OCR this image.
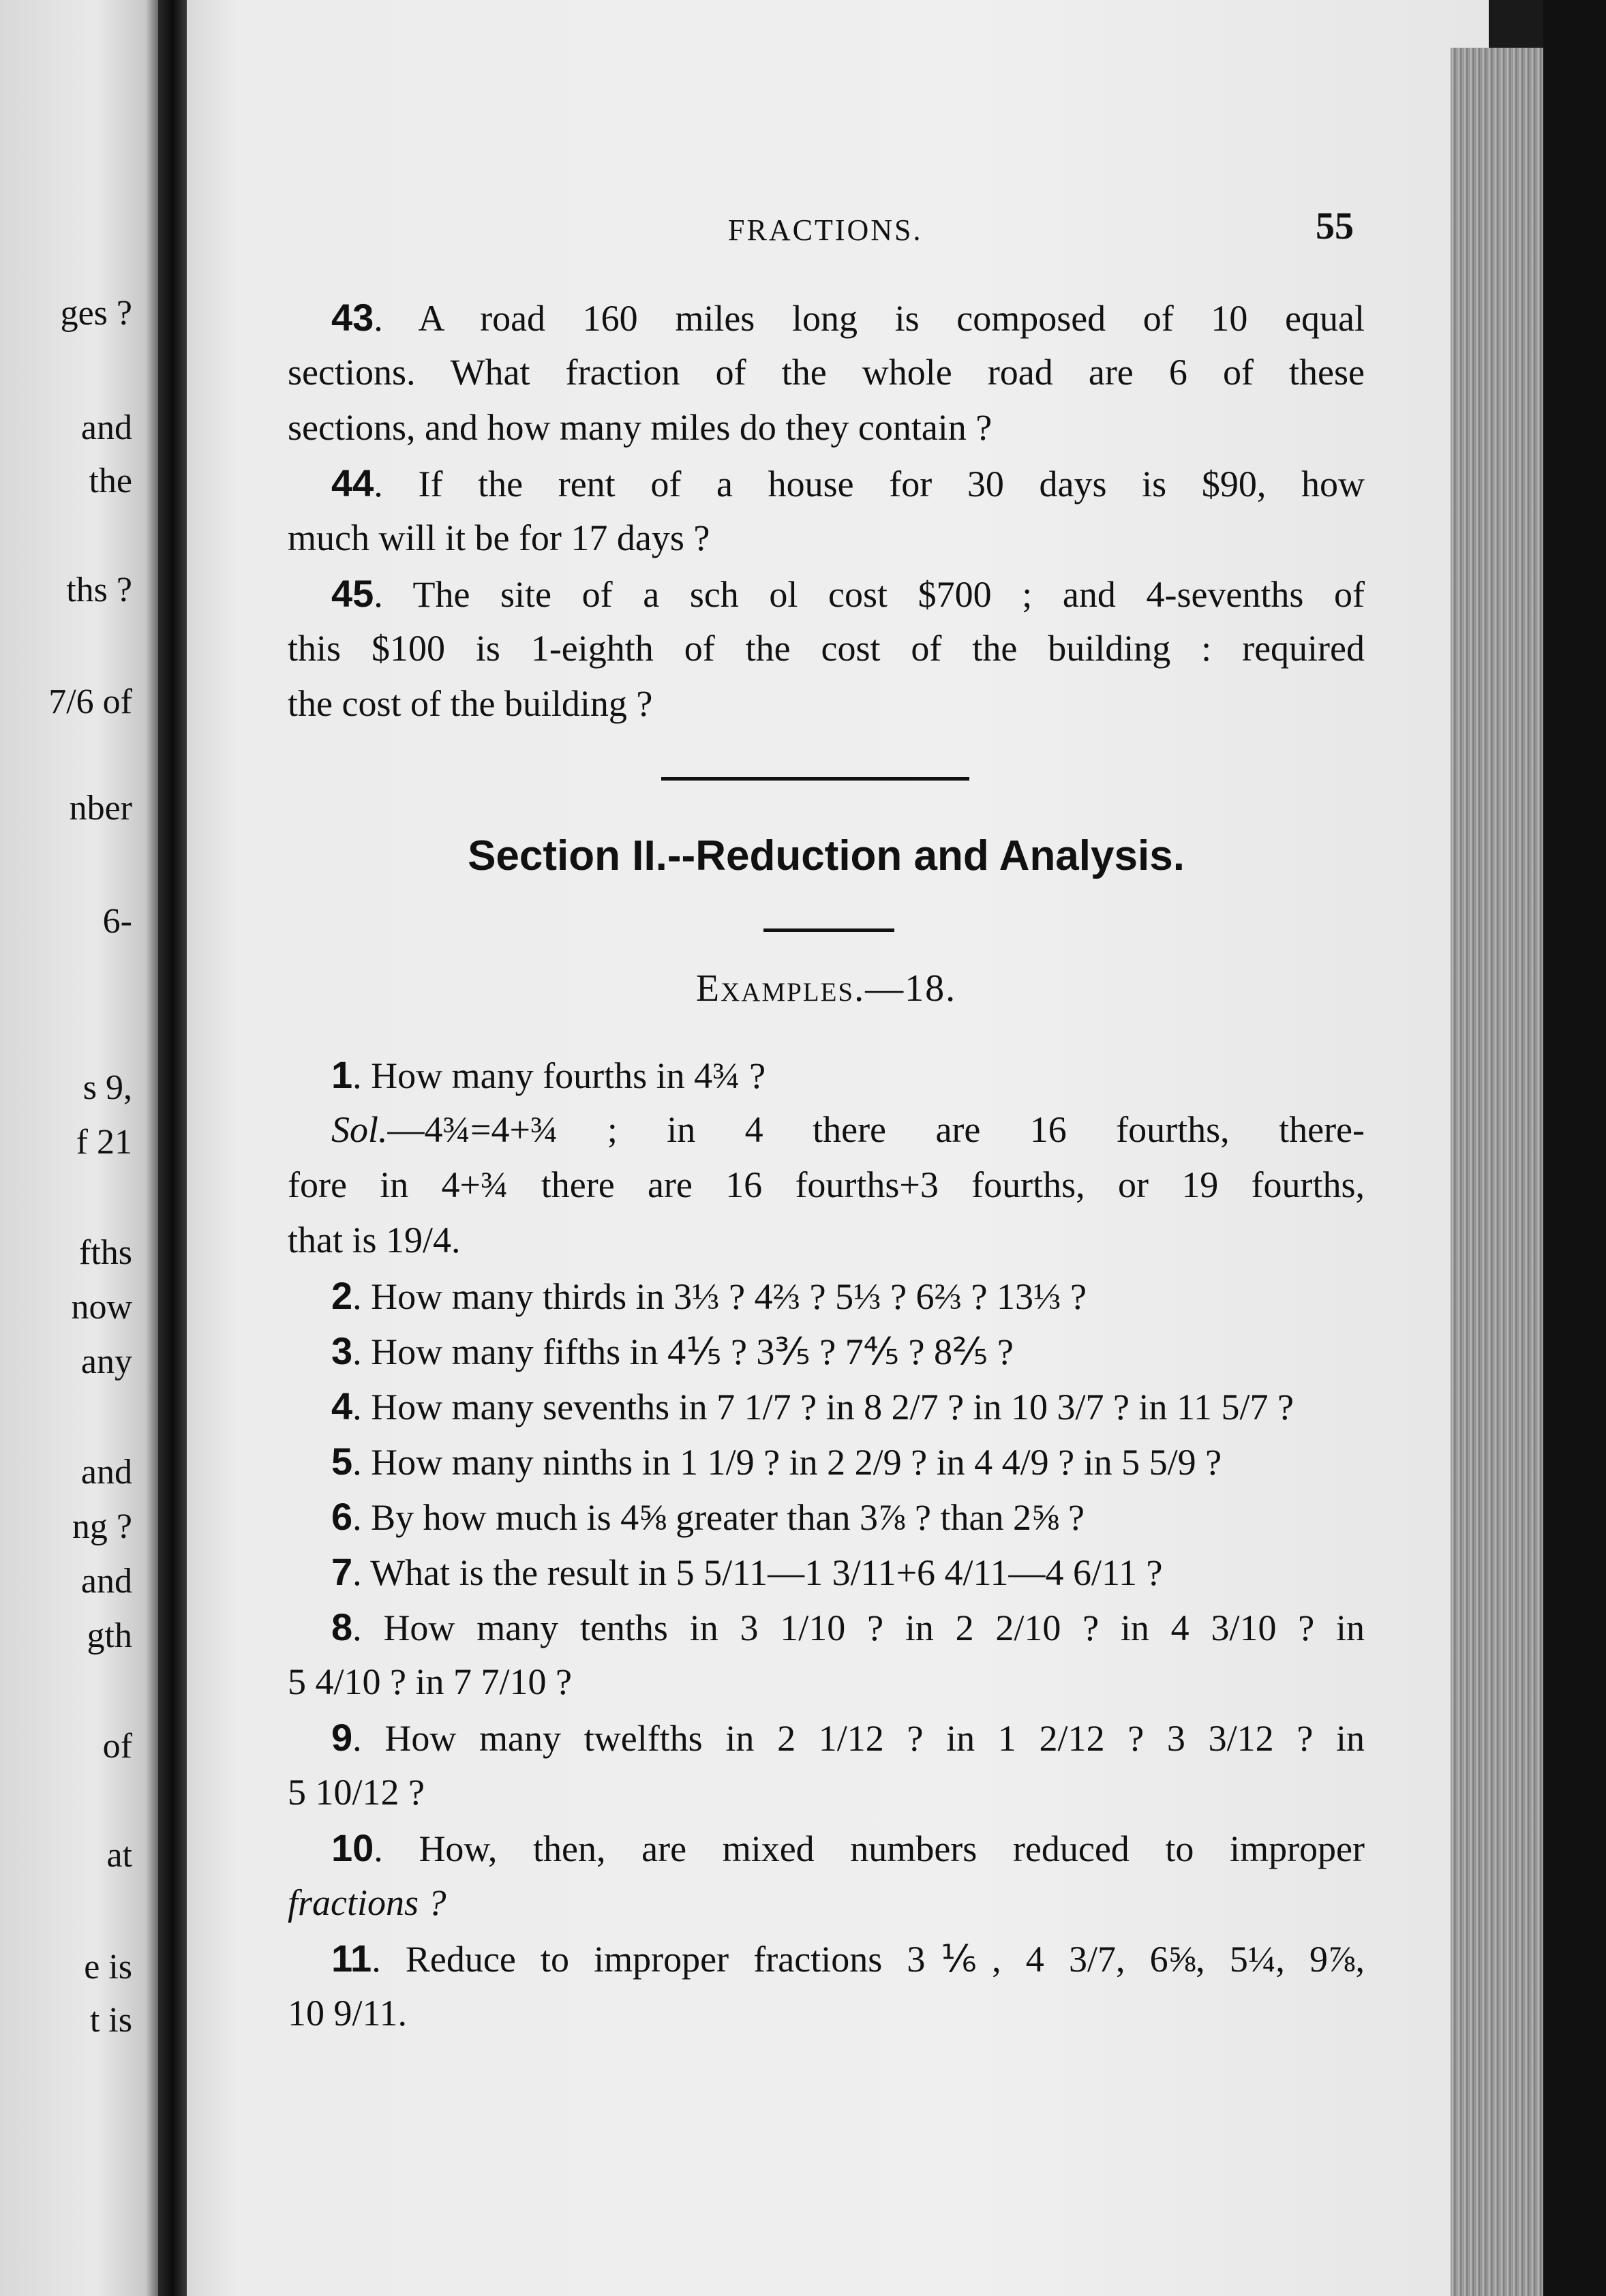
ges ?
and
the
ths ?
7/6 of
nber
6-
s 9,
f 21
fths
now
any
and
ng ?
and
gth
of
at
e is
t is
FRACTIONS.	55
43. A road 160 miles long is composed of 10 equal
sections. What fraction of the whole road are 6 of these
sections, and how many miles do they contain ?
44. If the rent of a house for 30 days is $90, how
much will it be for 17 days ?
45. The site of a sch ol cost $700 ; and 4-sevenths of
this $100 is 1-eighth of the cost of the building : required
the cost of the building ?
Section II.--Reduction and Analysis.
Examples.—18.
1. How many fourths in 4¾ ?
Sol.—4¾=4+¾ ; in 4 there are 16 fourths, there-
fore in 4+¾ there are 16 fourths+3 fourths, or 19 fourths,
that is 19/4.
2. How many thirds in 3⅓ ? 4⅔ ? 5⅓ ? 6⅔ ? 13⅓ ?
3. How many fifths in 4⅕ ? 3⅗ ? 7⅘ ? 8⅖ ?
4. How many sevenths in 7 1/7 ? in 8 2/7 ? in 10 3/7 ? in 11 5/7 ?
5. How many ninths in 1 1/9 ? in 2 2/9 ? in 4 4/9 ? in 5 5/9 ?
6. By how much is 4⅝ greater than 3⅞ ? than 2⅝ ?
7. What is the result in 5 5/11—1 3/11+6 4/11—4 6/11 ?
8. How many tenths in 3 1/10 ? in 2 2/10 ? in 4 3/10 ? in
5 4/10 ? in 7 7/10 ?
9. How many twelfths in 2 1/12 ? in 1 2/12 ? 3 3/12 ? in
5 10/12 ?
10. How, then, are mixed numbers reduced to improper
fractions ?
11. Reduce to improper fractions 3⅙, 4 3/7, 6⅝, 5¼, 9⅞,
10 9/11.
